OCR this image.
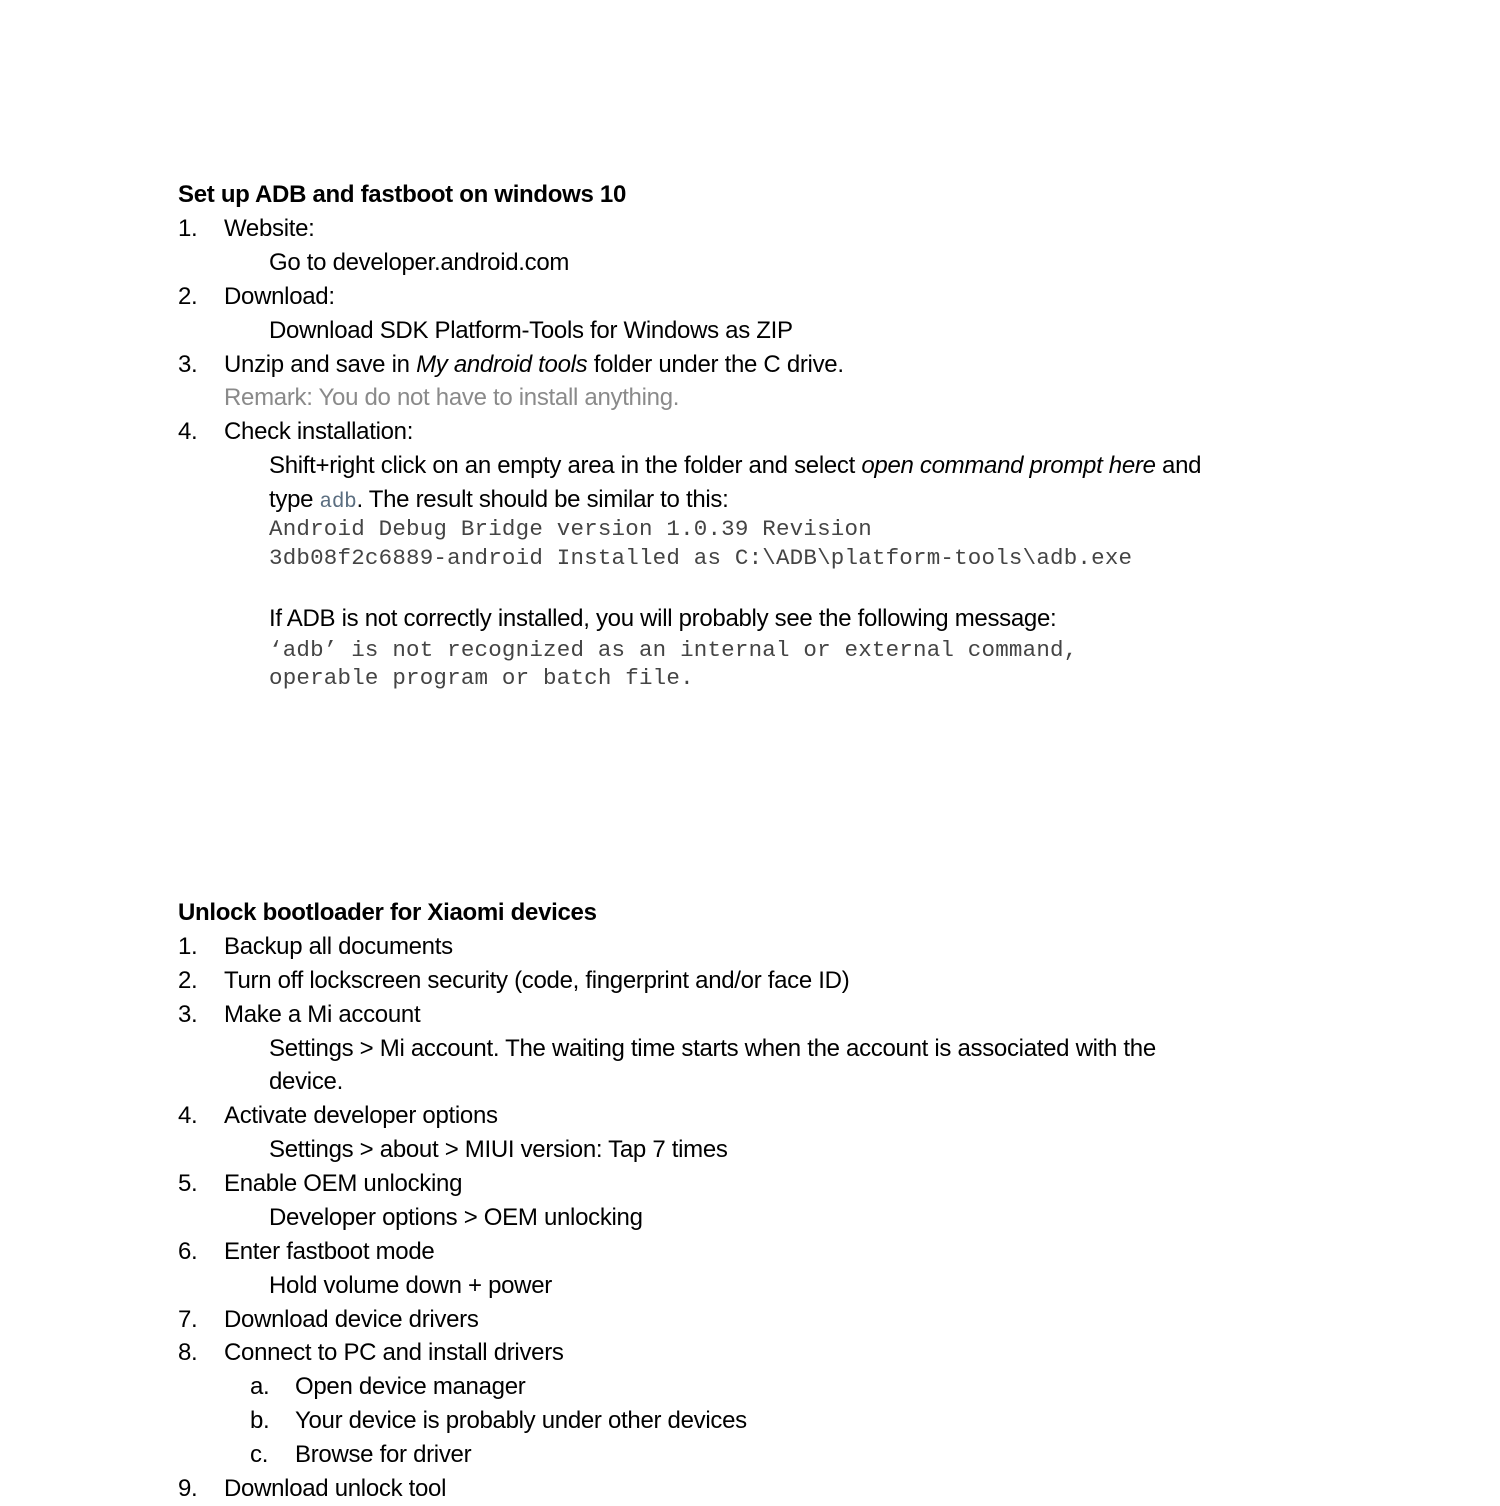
Set up ADB and fastboot on windows 10
1. Website:
Go to developer.android.com
2. Download:
Download SDK Platform-Tools for Windows as ZIP
3. Unzip and save in My android tools folder under the C drive.
Remark: You do not have to install anything.
4. Check installation:
Shift+right click on an empty area in the folder and select open command prompt here and
type adb. The result should be similar to this:
Android Debug Bridge version 1.0.39 Revision
3db08f2c6889-android Installed as C:\ADB\platform-tools\adb.exe
If ADB is not correctly installed, you will probably see the following message:
‘adb’ is not recognized as an internal or external command,
operable program or batch file.
Unlock bootloader for Xiaomi devices
1. Backup all documents
2. Turn off lockscreen security (code, fingerprint and/or face ID)
3. Make a Mi account
Settings > Mi account. The waiting time starts when the account is associated with the
device.
4. Activate developer options
Settings > about > MIUI version: Tap 7 times
5. Enable OEM unlocking
Developer options > OEM unlocking
6. Enter fastboot mode
Hold volume down + power
7. Download device drivers
8. Connect to PC and install drivers
a. Open device manager
b. Your device is probably under other devices
c. Browse for driver
9. Download unlock tool
